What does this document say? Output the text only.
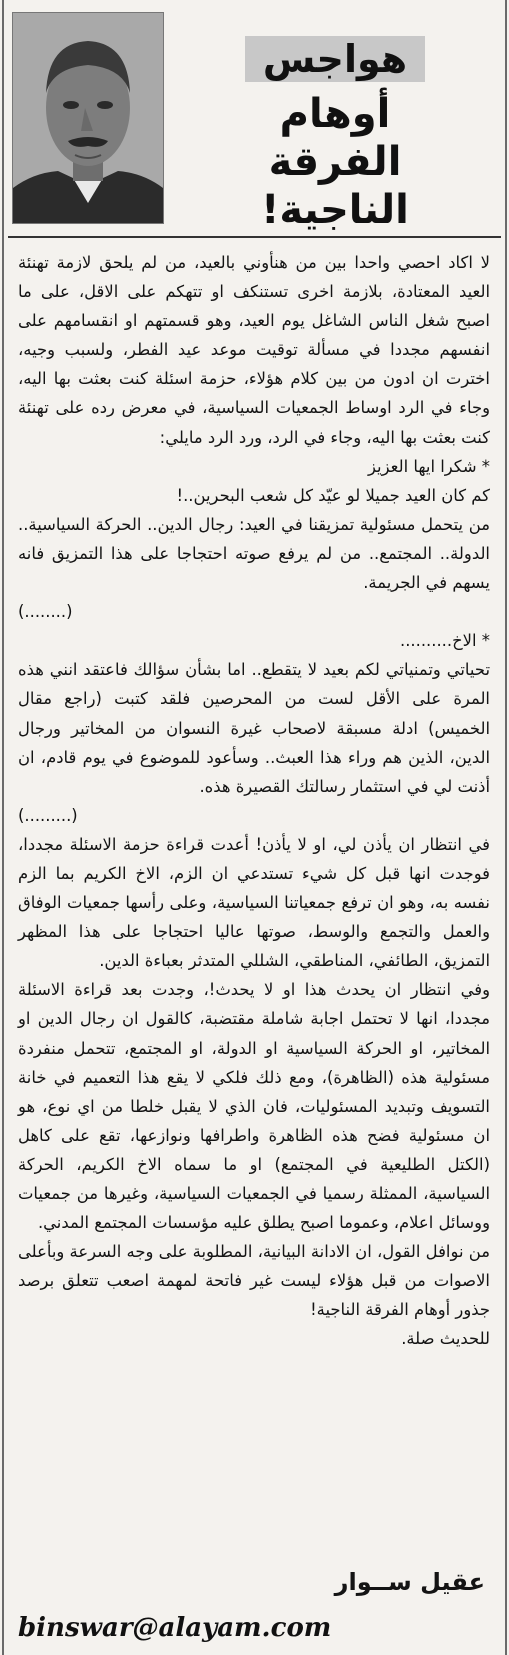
هواجس
أوهام
الفرقة الناجية!

لا اكاد احصي واحدا بين من هنأوني بالعيد، من لم يلحق لازمة تهنئة العيد المعتادة، بلازمة اخرى تستنكف او تتهكم على الاقل، على ما اصبح شغل الناس الشاغل يوم العيد، وهو قسمتهم او انقسامهم على انفسهم مجددا في مسألة توقيت موعد عيد الفطر، ولسبب وجيه، اخترت ان ادون من بين كلام هؤلاء، حزمة اسئلة كنت بعثت بها اليه، وجاء في الرد اوساط الجمعيات السياسية، في معرض رده على تهنئة كنت بعثت بها اليه، وجاء في الرد، ورد الرد مايلي:

* شكرا ايها العزيز

كم كان العيد جميلا لو عيّد كل شعب البحرين..!

من يتحمل مسئولية تمزيقنا في العيد: رجال الدين.. الحركة السياسية.. الدولة.. المجتمع.. من لم يرفع صوته احتجاجا على هذا التمزيق فانه يسهم في الجريمة.

(........)

* الاخ..........

تحياتي وتمنياتي لكم بعيد لا يتقطع.. اما بشأن سؤالك فاعتقد انني هذه المرة على الأقل لست من المحرصين فلقد كتبت (راجع مقال الخميس) ادلة مسبقة لاصحاب غيرة النسوان من المخاتير ورجال الدين، الذين هم وراء هذا العبث.. وسأعود للموضوع في يوم قادم، ان أذنت لي في استثمار رسالتك القصيرة هذه.

(.........)

في انتظار ان يأذن لي، او لا يأذن! أعدت قراءة حزمة الاسئلة مجددا، فوجدت انها قبل كل شيء تستدعي ان الزم، الاخ الكريم بما الزم نفسه به، وهو ان ترفع جمعياتنا السياسية، وعلى رأسها جمعيات الوفاق والعمل والتجمع والوسط، صوتها عاليا احتجاجا على هذا المظهر التمزيق، الطائفي، المناطقي، الشللي المتدثر بعباءة الدين.

وفي انتظار ان يحدث هذا او لا يحدث!، وجدت بعد قراءة الاسئلة مجددا، انها لا تحتمل اجابة شاملة مقتضبة، كالقول ان رجال الدين او المخاتير، او الحركة السياسية او الدولة، او المجتمع، تتحمل منفردة مسئولية هذه (الظاهرة)، ومع ذلك فلكي لا يقع هذا التعميم في خانة التسويف وتبديد المسئوليات، فان الذي لا يقبل خلطا من اي نوع، هو ان مسئولية فضح هذه الظاهرة واطرافها ونوازعها، تقع على كاهل (الكتل الطليعية في المجتمع) او ما سماه الاخ الكريم، الحركة السياسية، الممثلة رسميا في الجمعيات السياسية، وغيرها من جمعيات ووسائل اعلام، وعموما اصبح يطلق عليه مؤسسات المجتمع المدني.

من نوافل القول، ان الادانة البيانية، المطلوبة على وجه السرعة وبأعلى الاصوات من قبل هؤلاء ليست غير فاتحة لمهمة اصعب تتعلق برصد جذور أوهام الفرقة الناجية!

للحديث صلة.

عقيل ســوار
binswar@alayam.com
